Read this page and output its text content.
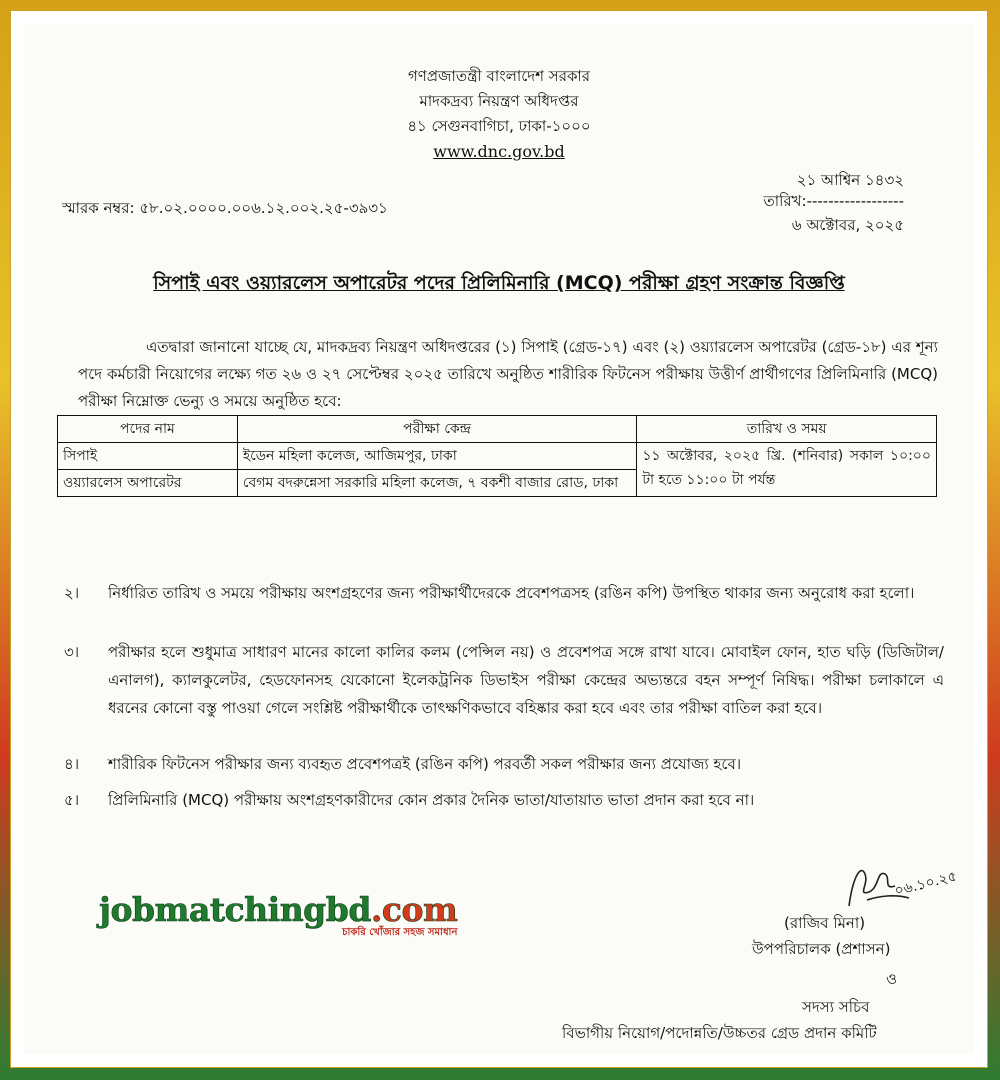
গণপ্রজাতন্ত্রী বাংলাদেশ সরকার
মাদকদ্রব্য নিয়ন্ত্রণ অধিদপ্তর
৪১ সেগুনবাগিচা, ঢাকা-১০০০
www.dnc.gov.bd
২১ আশ্বিন ১৪৩২
স্মারক নম্বর: ৫৮.০২.০০০০.০০৬.১২.০০২.২৫-৩৯৩১	তারিখ:------------------
৬ অক্টোবর, ২০২৫
সিপাই এবং ওয়্যারলেস অপারেটর পদের প্রিলিমিনারি (MCQ) পরীক্ষা গ্রহণ সংক্রান্ত বিজ্ঞপ্তি
এতদ্বারা জানানো যাচ্ছে যে, মাদকদ্রব্য নিয়ন্ত্রণ অধিদপ্তরের (১) সিপাই (গ্রেড-১৭) এবং (২) ওয়্যারলেস অপারেটর (গ্রেড-১৮) এর শূন্য পদে কর্মচারী নিয়োগের লক্ষ্যে গত ২৬ ও ২৭ সেপ্টেম্বর ২০২৫ তারিখে অনুষ্ঠিত শারীরিক ফিটনেস পরীক্ষায় উত্তীর্ণ প্রার্থীগণের প্রিলিমিনারি (MCQ) পরীক্ষা নিম্নোক্ত ভেন্যু ও সময়ে অনুষ্ঠিত হবে:
পদের নাম	পরীক্ষা কেন্দ্র	তারিখ ও সময়
সিপাই	ইডেন মহিলা কলেজ, আজিমপুর, ঢাকা	১১ অক্টোবর, ২০২৫ খ্রি. (শনিবার) সকাল ১০:০০ টা হতে ১১:০০ টা পর্যন্ত
ওয়্যারলেস অপারেটর	বেগম বদরুন্নেসা সরকারি মহিলা কলেজ, ৭ বকশী বাজার রোড, ঢাকা	
২। নির্ধারিত তারিখ ও সময়ে পরীক্ষায় অংশগ্রহণের জন্য পরীক্ষার্থীদেরকে প্রবেশপত্রসহ (রঙিন কপি) উপস্থিত থাকার জন্য অনুরোধ করা হলো।
৩। পরীক্ষার হলে শুধুমাত্র সাধারণ মানের কালো কালির কলম (পেন্সিল নয়) ও প্রবেশপত্র সঙ্গে রাখা যাবে। মোবাইল ফোন, হাত ঘড়ি (ডিজিটাল/এনালগ), ক্যালকুলেটর, হেডফোনসহ যেকোনো ইলেকট্রনিক ডিভাইস পরীক্ষা কেন্দ্রের অভ্যন্তরে বহন সম্পূর্ণ নিষিদ্ধ। পরীক্ষা চলাকালে এ ধরনের কোনো বস্তু পাওয়া গেলে সংশ্লিষ্ট পরীক্ষার্থীকে তাৎক্ষণিকভাবে বহিষ্কার করা হবে এবং তার পরীক্ষা বাতিল করা হবে।
৪। শারীরিক ফিটনেস পরীক্ষার জন্য ব্যবহৃত প্রবেশপত্রই (রঙিন কপি) পরবর্তী সকল পরীক্ষার জন্য প্রযোজ্য হবে।
৫। প্রিলিমিনারি (MCQ) পরীক্ষায় অংশগ্রহণকারীদের কোন প্রকার দৈনিক ভাতা/যাতায়াত ভাতা প্রদান করা হবে না।
০৬.১০.২৫
(রাজিব মিনা)
উপপরিচালক (প্রশাসন)
ও
সদস্য সচিব
বিভাগীয় নিয়োগ/পদোন্নতি/উচ্চতর গ্রেড প্রদান কমিটি
jobmatchingbd.com
চাকরি খোঁজার সহজ সমাধান
